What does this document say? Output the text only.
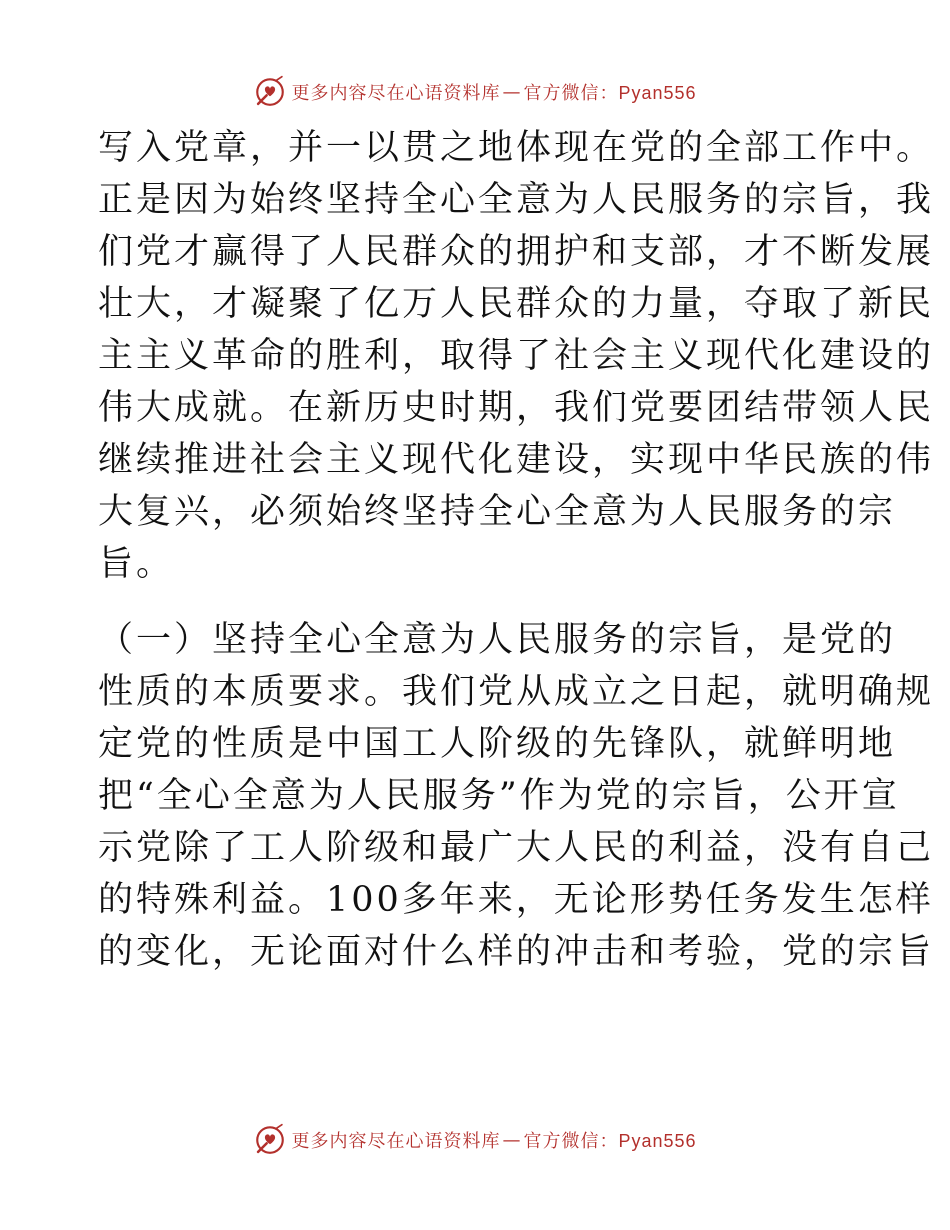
更多内容尽在心语资料库 — 官方微信：Pyan556
写入党章，并一以贯之地体现在党的全部工作中。
正是因为始终坚持全心全意为人民服务的宗旨，我
们党才赢得了人民群众的拥护和支部，才不断发展
壮大，才凝聚了亿万人民群众的力量，夺取了新民
主主义革命的胜利，取得了社会主义现代化建设的
伟大成就。在新历史时期，我们党要团结带领人民
继续推进社会主义现代化建设，实现中华民族的伟
大复兴，必须始终坚持全心全意为人民服务的宗
旨。
（一）坚持全心全意为人民服务的宗旨，是党的
性质的本质要求。我们党从成立之日起，就明确规
定党的性质是中国工人阶级的先锋队，就鲜明地
把“全心全意为人民服务”作为党的宗旨，公开宣
示党除了工人阶级和最广大人民的利益，没有自己
的特殊利益。100多年来，无论形势任务发生怎样
的变化，无论面对什么样的冲击和考验，党的宗旨
更多内容尽在心语资料库 — 官方微信：Pyan556
